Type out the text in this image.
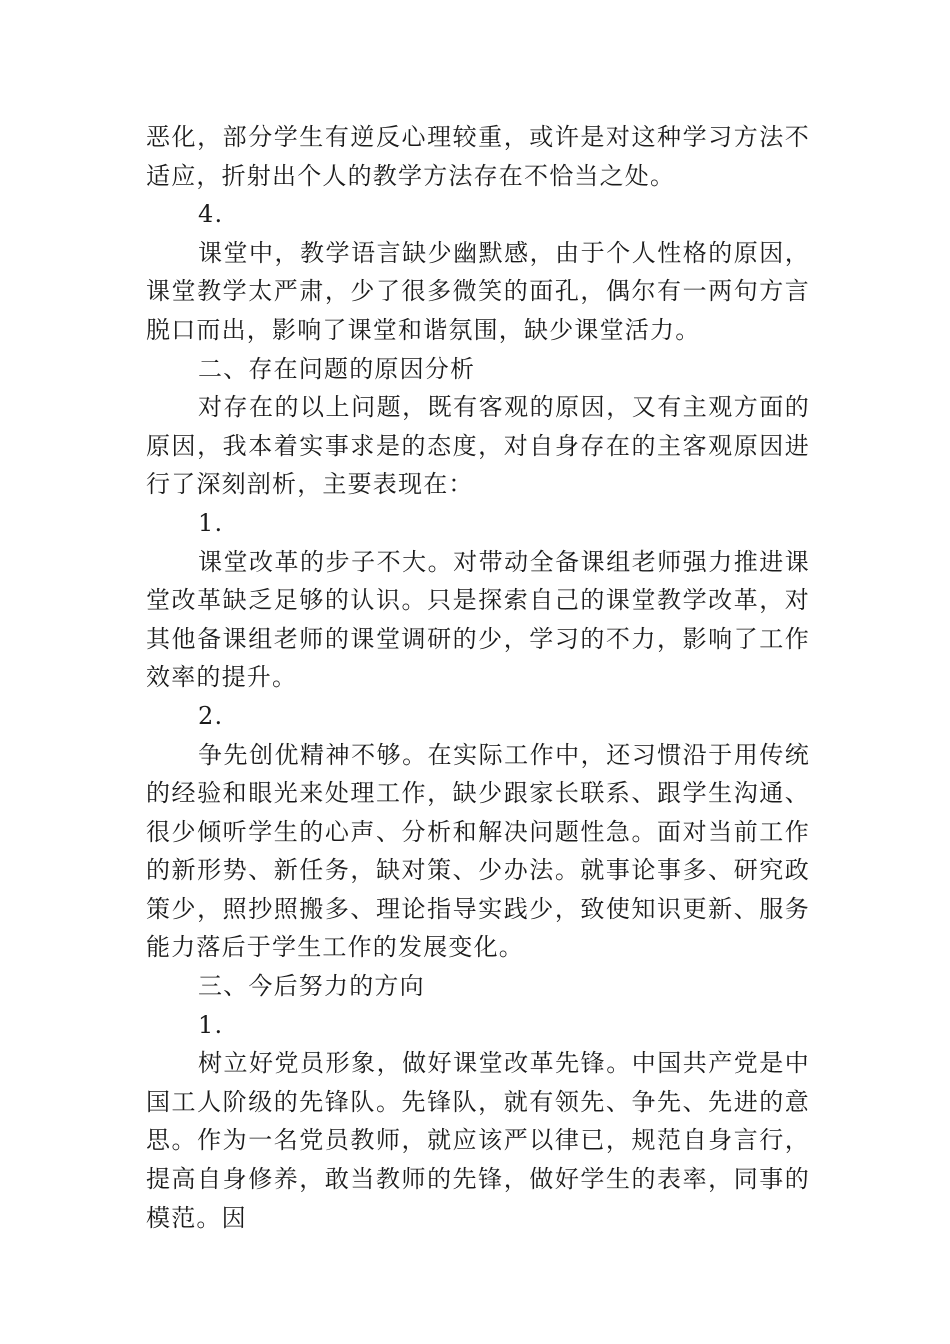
恶化，部分学生有逆反心理较重，或许是对这种学习方法不适应，折射出个人的教学方法存在不恰当之处。

4.

课堂中，教学语言缺少幽默感，由于个人性格的原因，课堂教学太严肃，少了很多微笑的面孔，偶尔有一两句方言脱口而出，影响了课堂和谐氛围，缺少课堂活力。

二、存在问题的原因分析

对存在的以上问题，既有客观的原因，又有主观方面的原因，我本着实事求是的态度，对自身存在的主客观原因进行了深刻剖析，主要表现在：

1.

课堂改革的步子不大。对带动全备课组老师强力推进课堂改革缺乏足够的认识。只是探索自己的课堂教学改革，对其他备课组老师的课堂调研的少，学习的不力，影响了工作效率的提升。

2.

争先创优精神不够。在实际工作中，还习惯沿于用传统的经验和眼光来处理工作，缺少跟家长联系、跟学生沟通、很少倾听学生的心声、分析和解决问题性急。面对当前工作的新形势、新任务，缺对策、少办法。就事论事多、研究政策少，照抄照搬多、理论指导实践少，致使知识更新、服务能力落后于学生工作的发展变化。

三、今后努力的方向

1.

树立好党员形象，做好课堂改革先锋。中国共产党是中国工人阶级的先锋队。先锋队，就有领先、争先、先进的意思。作为一名党员教师，就应该严以律已，规范自身言行，提高自身修养，敢当教师的先锋，做好学生的表率，同事的模范。因
